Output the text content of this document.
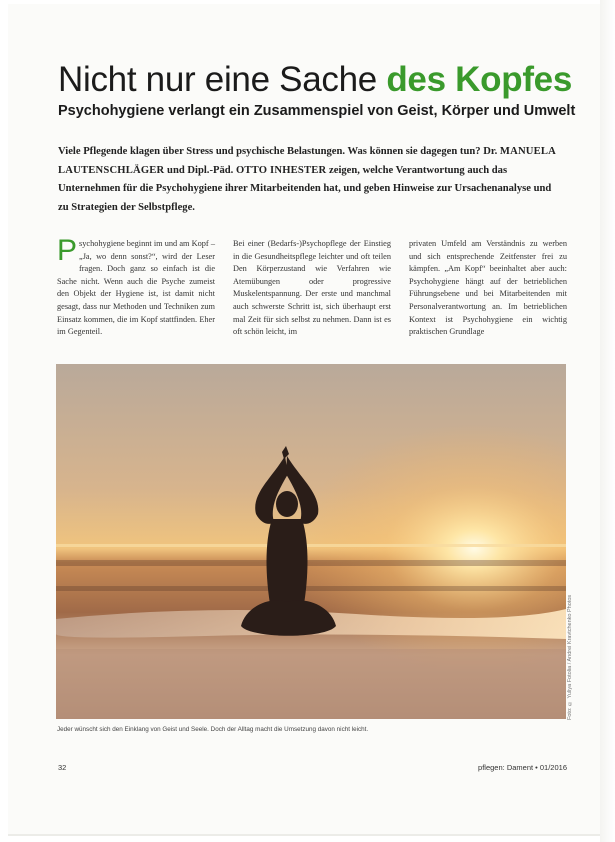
Nicht nur eine Sache des Kopfes
Psychohygiene verlangt ein Zusammenspiel von Geist, Körper und Umwelt
Viele Pflegende klagen über Stress und psychische Belastungen. Was können sie dagegen tun? Dr. MANUELA LAUTENSCHLÄGER und Dipl.-Päd. OTTO INHESTER zeigen, welche Verantwortung auch das Unternehmen für die Psychohygiene ihrer Mitarbeitenden hat, und geben Hinweise zur Ursachenanalyse und zu Strategien der Selbstpflege.
Psychohygiene beginnt im und am Kopf – „Ja, wo denn sonst?“, wird der Leser fragen. Doch ganz so einfach ist die Sache nicht. Wenn auch die Psyche zumeist den Objekt der Hygiene ist, ist damit nicht gesagt, dass nur Methoden und Techniken zum Einsatz kommen, die im Kopf stattfinden. Eher im Gegenteil.
Bei einer (Bedarfs-)Psychopflege der Einstieg in die Gesundheitspflege leichter und oft teilen Den Körperzustand wie Verfahren wie Atemübungen oder progressive Muskelentspannung. Der erste und manchmal auch schwerste Schritt ist, sich überhaupt erst mal Zeit für sich selbst zu nehmen. Dann ist es oft schön leicht, im
privaten Umfeld am Verständnis zu werben und sich entsprechende Zeitfenster frei zu kämpfen. „Am Kopf“ beeinhaltet aber auch: Psychohygiene hängt auf der betrieblichen Führungsebene und bei Mitarbeitenden mit Personalverantwortung an. Im betrieblichen Kontext ist Psychohygiene ein wichtig praktischen Grundlage
Foto: © Yuliya Fotolia / Andrei Kravtchenko Photos
Jeder wünscht sich den Einklang von Geist und Seele. Doch der Alltag macht die Umsetzung davon nicht leicht.
32	pflegen: Dament • 01/2016
